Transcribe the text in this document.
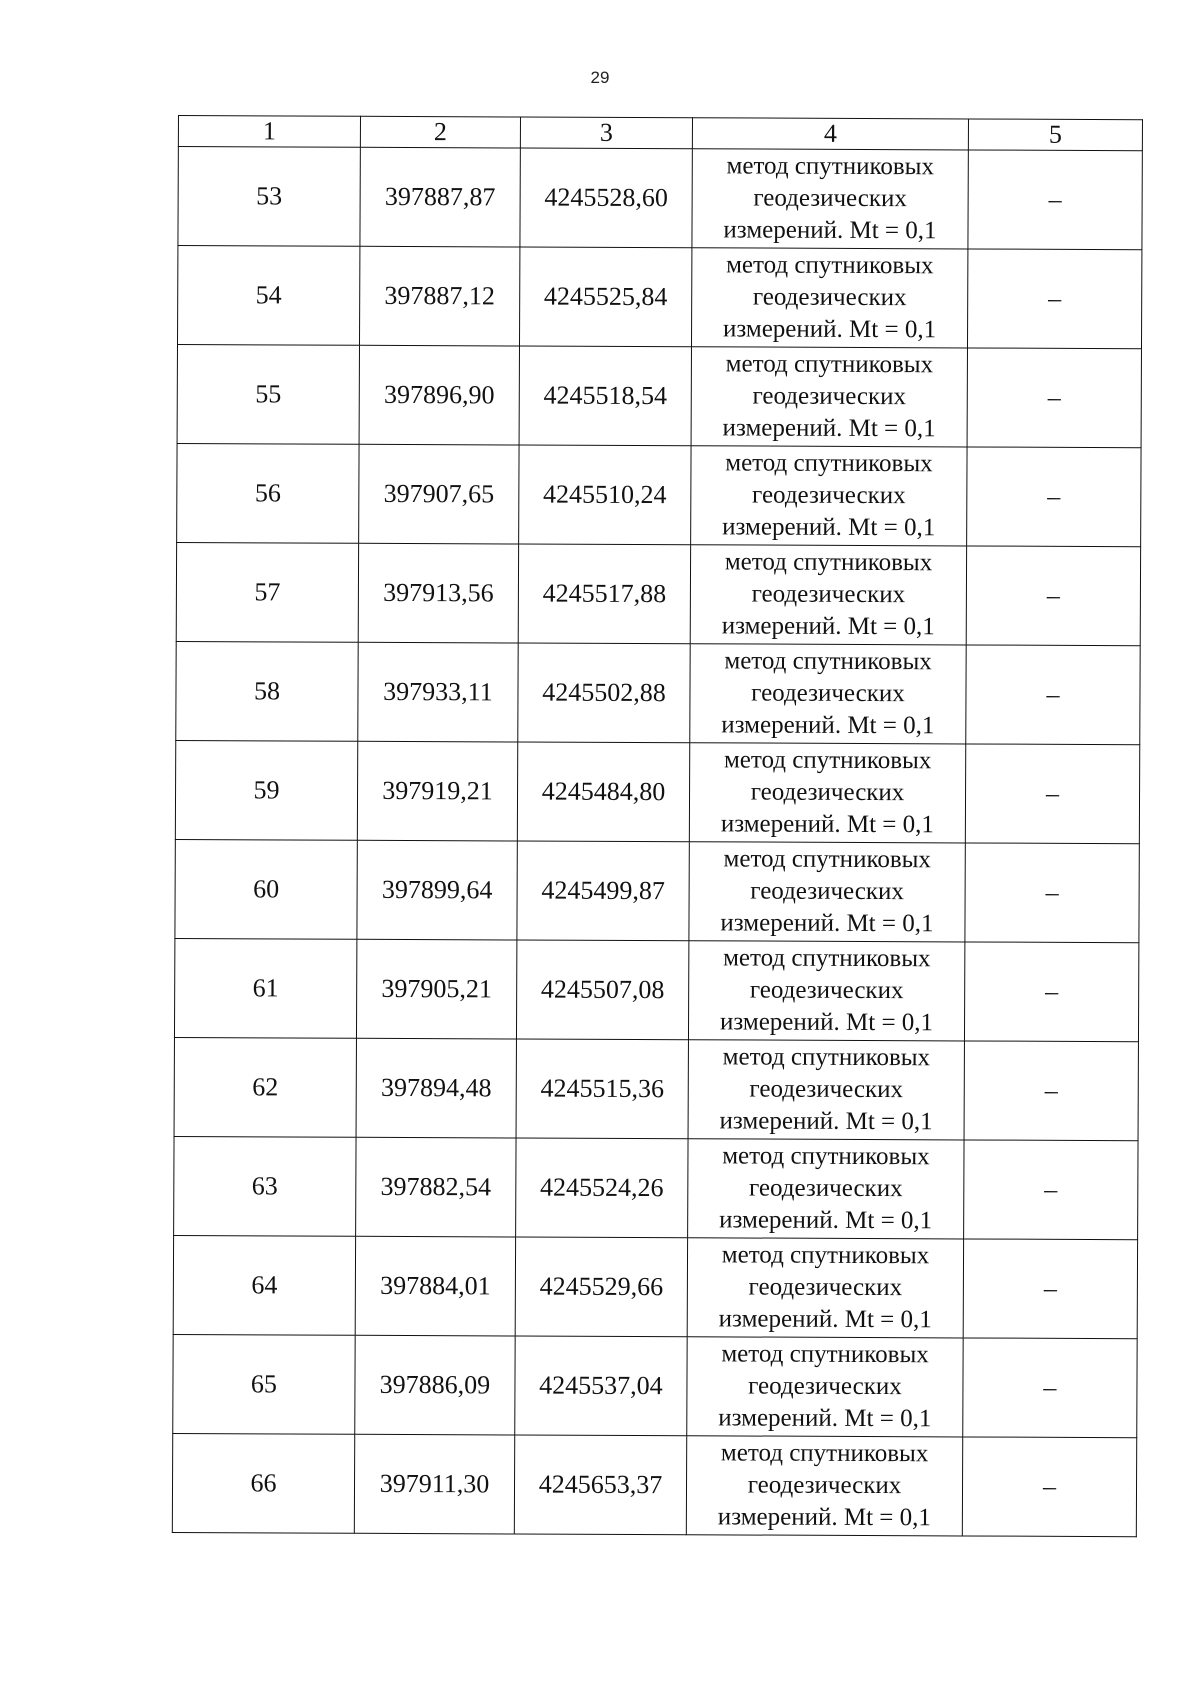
29
1	2	3	4	5
53	397887,87	4245528,60	метод спутниковых
геодезических
измерений. Mt = 0,1	–
54	397887,12	4245525,84	метод спутниковых
геодезических
измерений. Mt = 0,1	–
55	397896,90	4245518,54	метод спутниковых
геодезических
измерений. Mt = 0,1	–
56	397907,65	4245510,24	метод спутниковых
геодезических
измерений. Mt = 0,1	–
57	397913,56	4245517,88	метод спутниковых
геодезических
измерений. Mt = 0,1	–
58	397933,11	4245502,88	метод спутниковых
геодезических
измерений. Mt = 0,1	–
59	397919,21	4245484,80	метод спутниковых
геодезических
измерений. Mt = 0,1	–
60	397899,64	4245499,87	метод спутниковых
геодезических
измерений. Mt = 0,1	–
61	397905,21	4245507,08	метод спутниковых
геодезических
измерений. Mt = 0,1	–
62	397894,48	4245515,36	метод спутниковых
геодезических
измерений. Mt = 0,1	–
63	397882,54	4245524,26	метод спутниковых
геодезических
измерений. Mt = 0,1	–
64	397884,01	4245529,66	метод спутниковых
геодезических
измерений. Mt = 0,1	–
65	397886,09	4245537,04	метод спутниковых
геодезических
измерений. Mt = 0,1	–
66	397911,30	4245653,37	метод спутниковых
геодезических
измерений. Mt = 0,1	–
